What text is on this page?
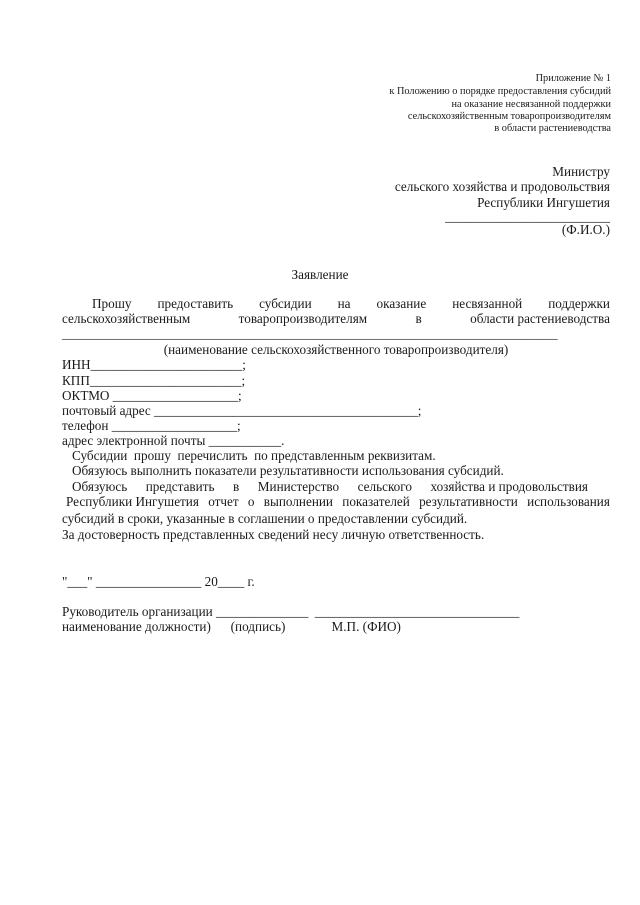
Приложение № 1
к Положению о порядке предоставления субсидий
на оказание несвязанной поддержки
сельскохозяйственным товаропроизводителям
в области растениеводства
Министру
сельского хозяйства и продовольствия
Республики Ингушетия
_________________________
(Ф.И.О.)
Заявление
Прошу предоставить субсидии на оказание несвязанной поддержки
сельскохозяйственным	товаропроизводителям	в	области растениеводства
________________________________________________________________________________
(наименование сельскохозяйственного товаропроизводителя)
ИНН_______________________;
КПП_______________________;
ОКТМО ___________________;
почтовый адрес ________________________________________;
телефон ___________________;
адрес электронной почты ___________.
Субсидии  прошу  перечислить  по представленным реквизитам.
Обязуюсь выполнить показатели результативности использования субсидий.
Обязуюсь представить в Министерство сельского хозяйства и продовольствия
Республики Ингушетия отчет о выполнении показателей результативности использования
субсидий в сроки, указанные в соглашении о предоставлении субсидий.
За достоверность представленных сведений несу личную ответственность.
"___" ________________ 20____ г.
Руководитель организации ______________  _______________________________
наименование должности)      (подпись)              М.П. (ФИО)
